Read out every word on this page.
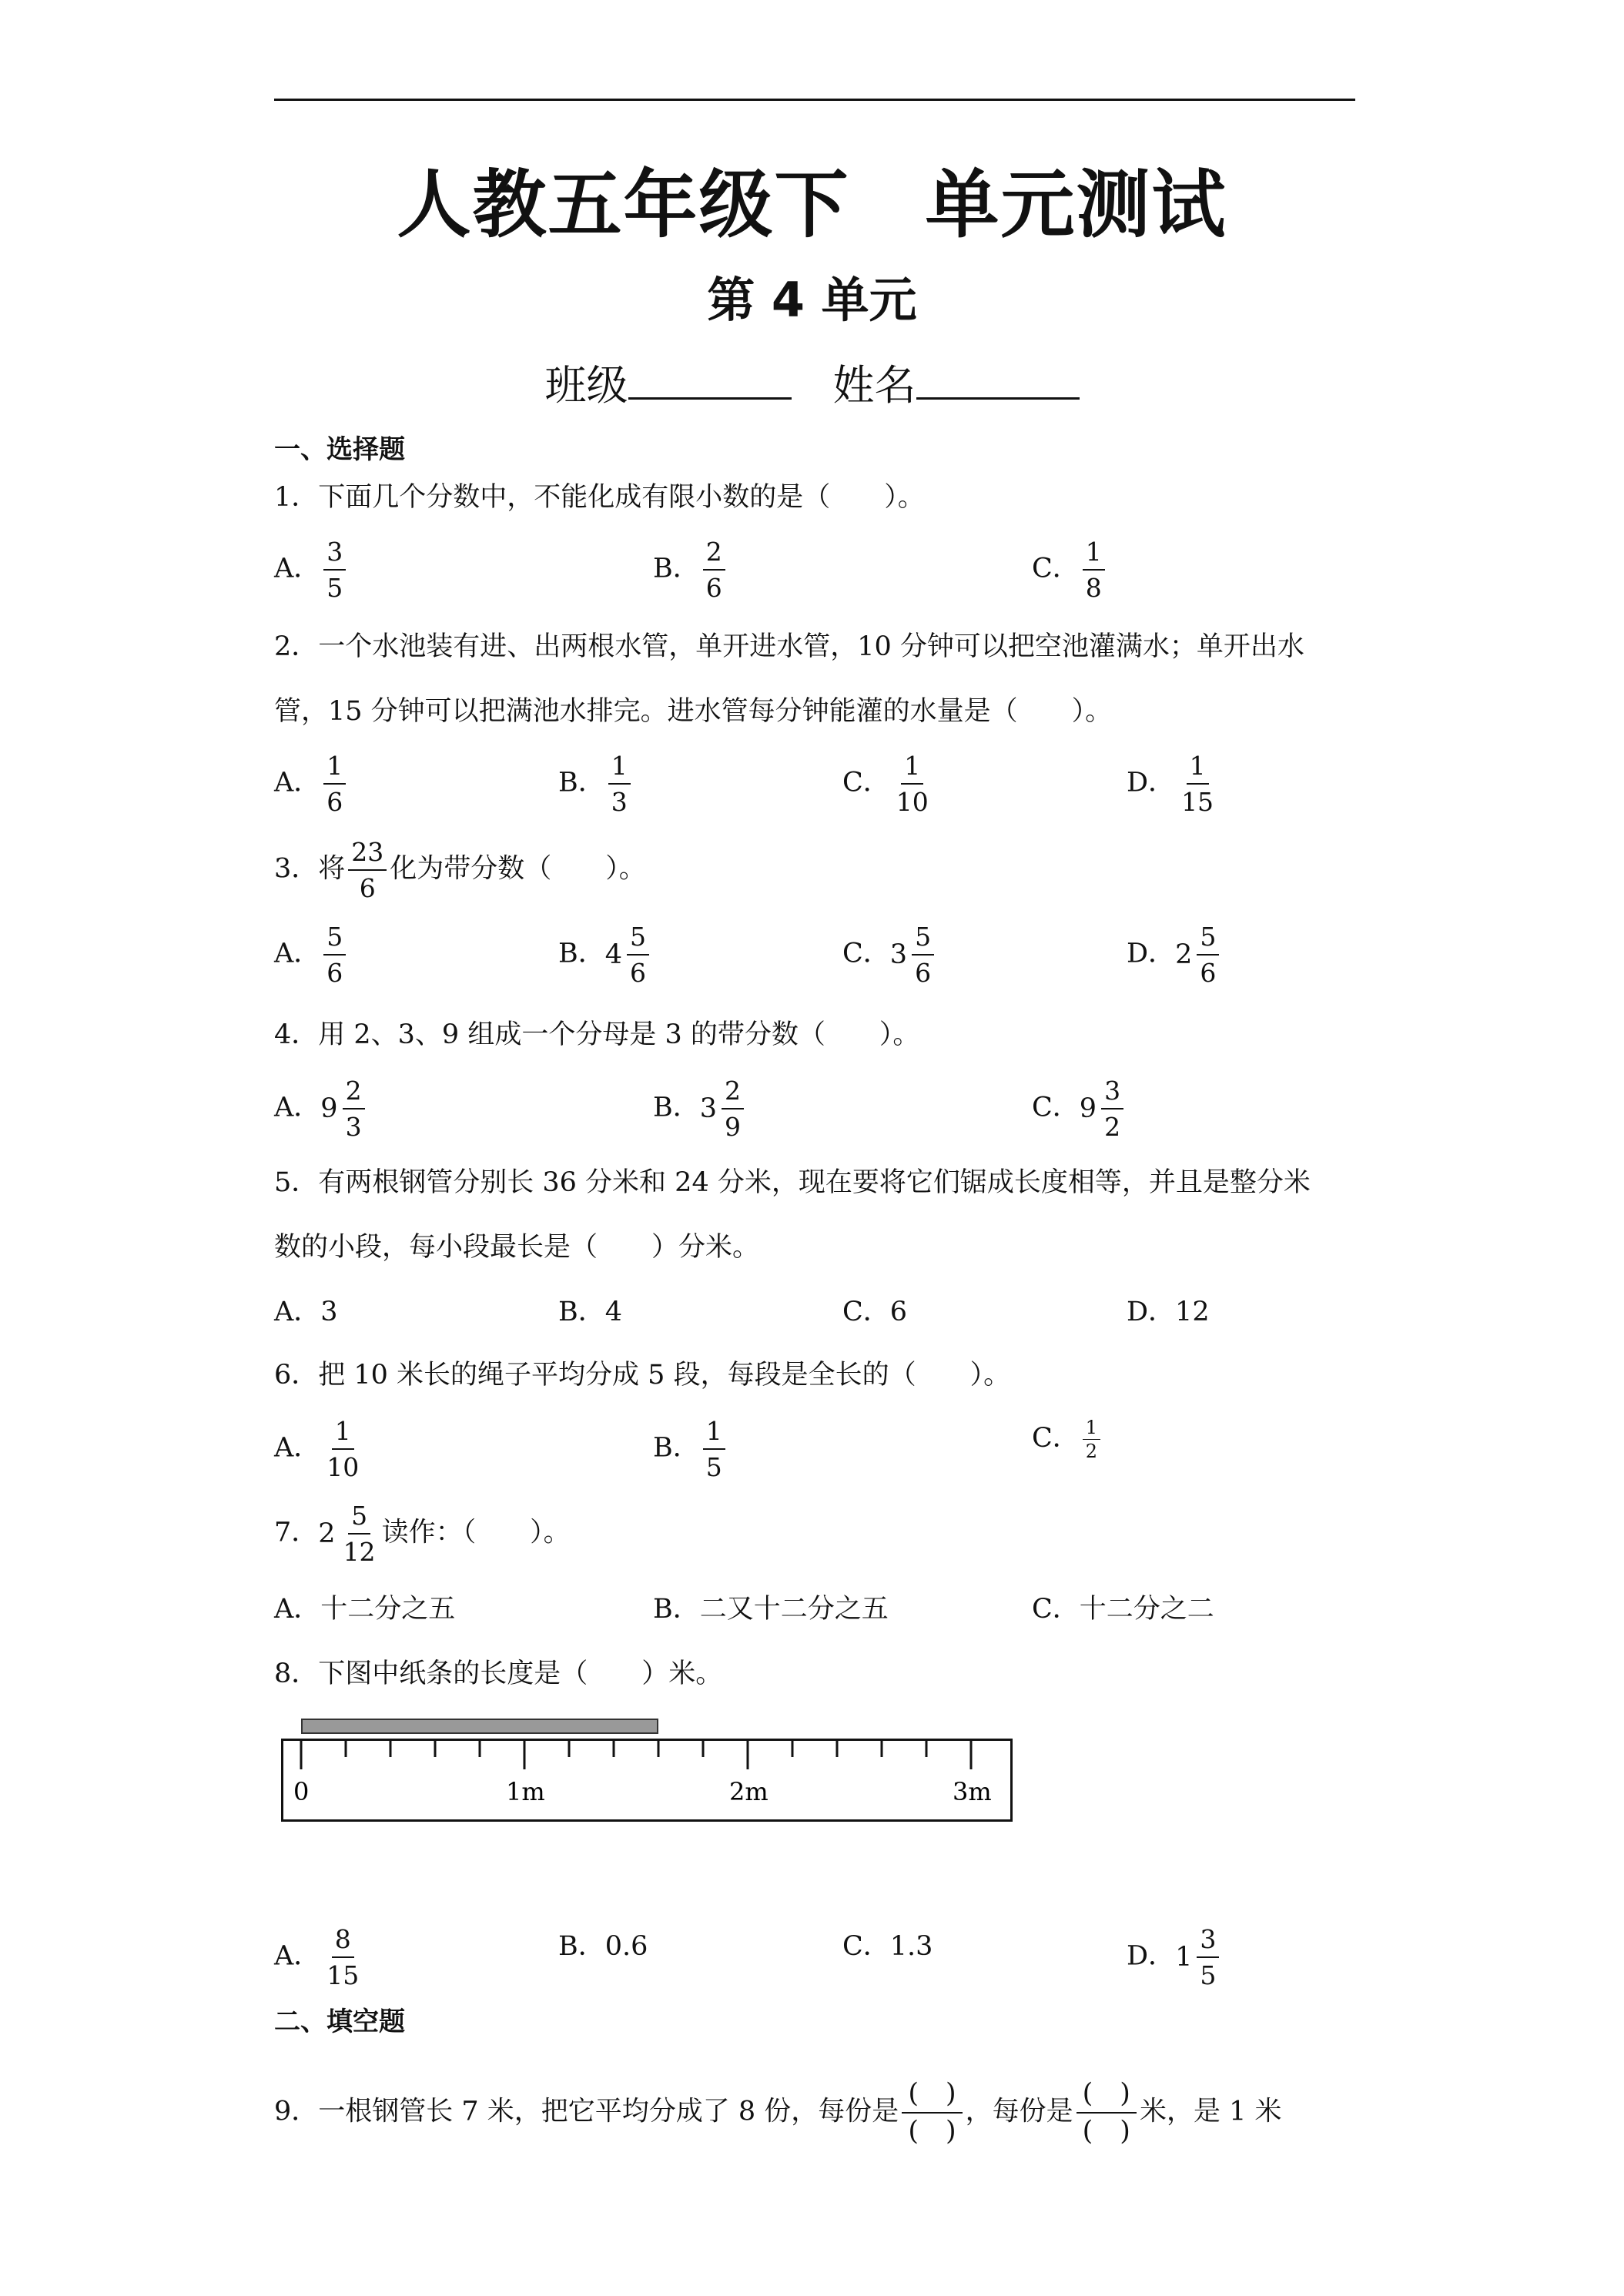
人教五年级下　单元测试
第 4 单元
班级	姓名
一、选择题
1．下面几个分数中，不能化成有限小数的是（　　）。
A． $\frac{3}{5}$	B． $\frac{2}{6}$	C． $\frac{1}{8}$
2．一个水池装有进、出两根水管，单开进水管，10 分钟可以把空池灌满水；单开出水
管，15 分钟可以把满池水排完。进水管每分钟能灌的水量是（　　）。
A． $\frac{1}{6}$	B． $\frac{1}{3}$	C． $\frac{1}{10}$	D． $\frac{1}{15}$
3．将 $\frac{23}{6}$ 化为带分数（　　）。
A． $\frac{5}{6}$	B．$4 \frac{5}{6}$	C．$3 \frac{5}{6}$	D．$2 \frac{5}{6}$
4．用 2、3、9 组成一个分母是 3 的带分数（　　）。
A．$9 \frac{2}{3}$	B．$3 \frac{2}{9}$	C．$9 \frac{3}{2}$
5．有两根钢管分别长 36 分米和 24 分米，现在要将它们锯成长度相等，并且是整分米
数的小段，每小段最长是（　　）分米。
A．3	B．4	C．6	D．12
6．把 10 米长的绳子平均分成 5 段，每段是全长的（　　）。
A． $\frac{1}{10}$	B． $\frac{1}{5}$	C． $\frac{1}{2}$
7．$2 \frac{5}{12}$ 读作：（　　）。
A．十二分之五	B．二又十二分之五	C．十二分之二
8．下图中纸条的长度是（　　）米。
0	1m	2m	3m
A． $\frac{8}{15}$	B．0.6	C．1.3	D．$1 \frac{3}{5}$
二、填空题
9．一根钢管长 7 米，把它平均分成了 8 份，每份是 $\frac{( )}{( )}$ ，每份是 $\frac{( )}{( )}$ 米，是 1 米
